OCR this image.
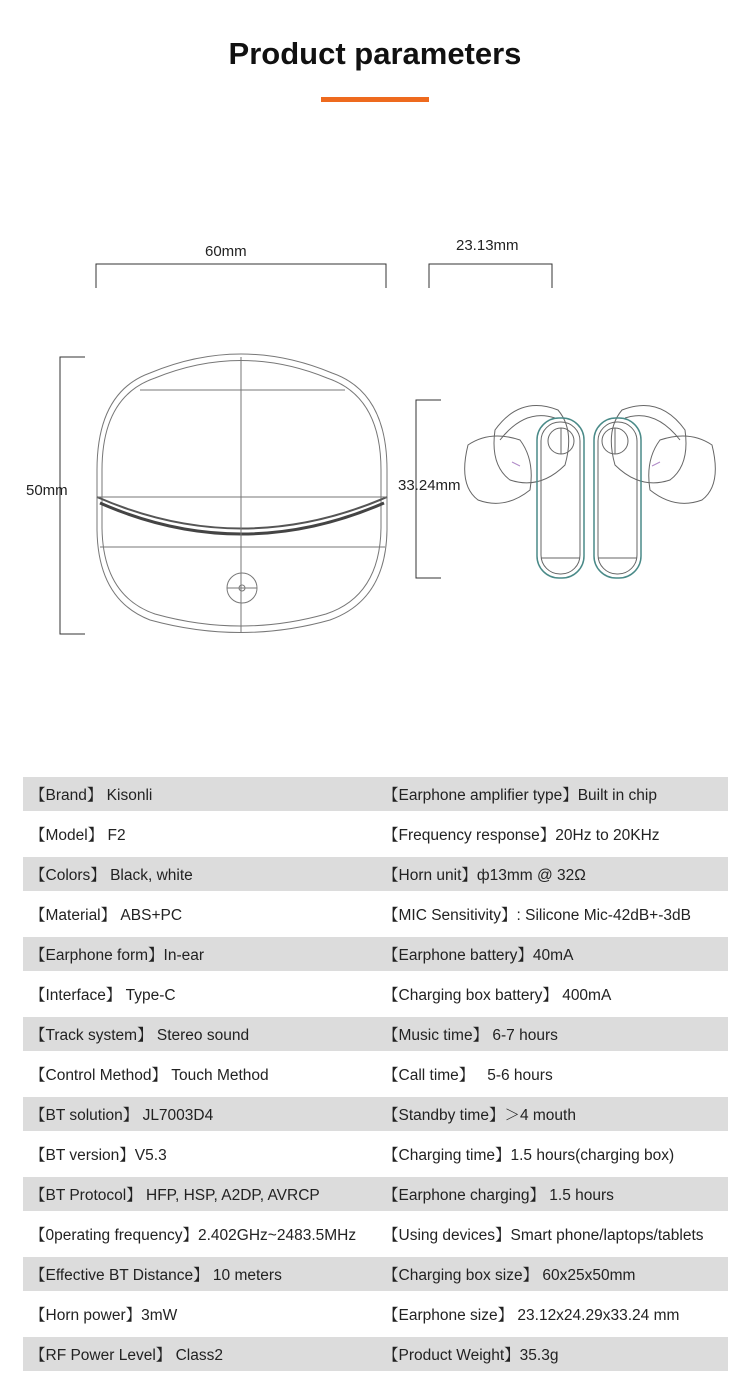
Product parameters
60mm	23.13mm
50mm	33.24mm
【Brand】 Kisonli	【Earphone amplifier type】Built in chip
【Model】 F2	【Frequency response】20Hz to 20KHz
【Colors】 Black, white	【Horn unit】ф13mm @ 32Ω
【Material】 ABS+PC	【MIC Sensitivity】: Silicone Mic-42dB+-3dB
【Earphone form】In-ear	【Earphone battery】40mA
【Interface】 Type-C	【Charging box battery】 400mA
【Track system】 Stereo sound	【Music time】 6-7 hours
【Control Method】 Touch Method	【Call time】   5-6 hours
【BT solution】 JL7003D4	【Standby time】＞4 mouth
【BT version】V5.3	【Charging time】1.5 hours(charging box)
【BT Protocol】 HFP, HSP, A2DP, AVRCP	【Earphone charging】 1.5 hours
【0perating frequency】2.402GHz~2483.5MHz	【Using devices】Smart phone/laptops/tablets
【Effective BT Distance】 10 meters	【Charging box size】 60x25x50mm
【Horn power】3mW	【Earphone size】 23.12x24.29x33.24 mm
【RF Power Level】 Class2	【Product Weight】35.3g
